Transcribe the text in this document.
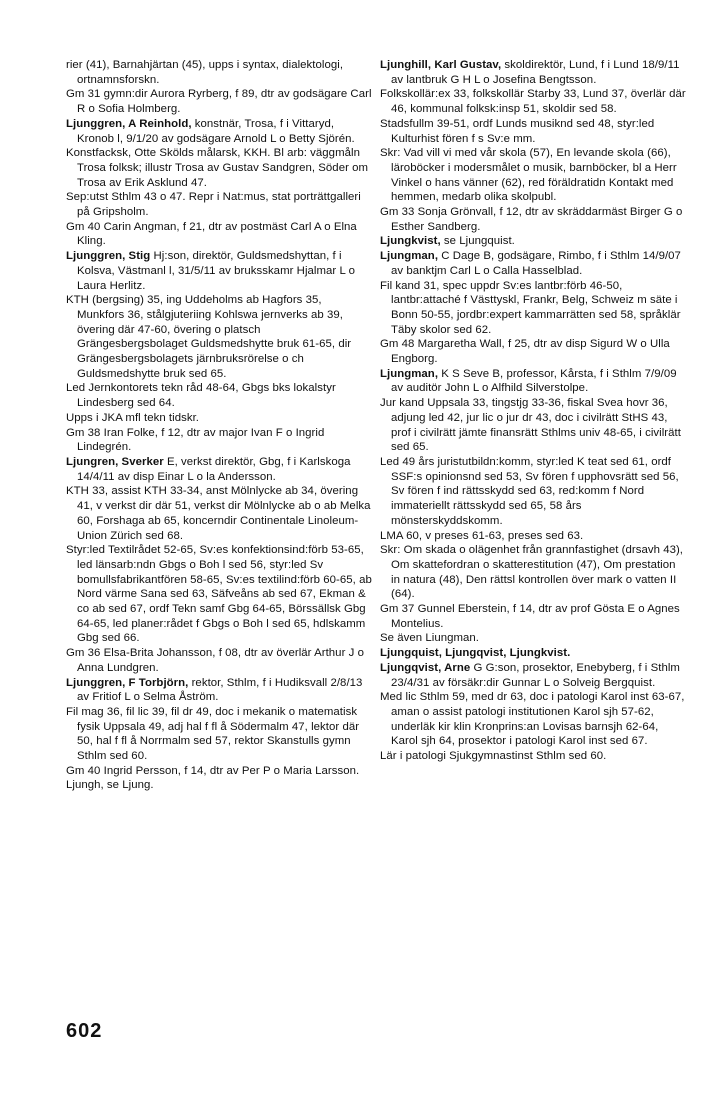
rier (41), Barnahjärtan (45), upps i syntax, dialektologi, ortnamnsforskn.

Gm 31 gymn:dir Aurora Ryrberg, f 89, dtr av godsägare Carl R o Sofia Holmberg.

Ljunggren, A Reinhold, konstnär, Trosa, f i Vittaryd, Kronob l, 9/1/20 av godsägare Arnold L o Betty Sjörén.

Konstfacksk, Otte Skölds målarsk, KKH. Bl arb: väggmåln Trosa folksk; illustr Trosa av Gustav Sandgren, Söder om Trosa av Erik Asklund 47.

Sep:utst Sthlm 43 o 47. Repr i Nat:mus, stat porträttgalleri på Gripsholm.

Gm 40 Carin Angman, f 21, dtr av postmäst Carl A o Elna Kling.

Ljunggren, Stig Hj:son, direktör, Guldsmedshyttan, f i Kolsva, Västmanl l, 31/5/11 av bruksskamr Hjalmar L o Laura Herlitz.

KTH (bergsing) 35, ing Uddeholms ab Hagfors 35, Munkfors 36, stålgjuteriing Kohlswa jernverks ab 39, övering där 47-60, övering o platsch Grängesbergsbolaget Guldsmedshytte bruk 61-65, dir Grängesbergsbolagets järnbruksrörelse o ch Guldsmedshytte bruk sed 65.

Led Jernkontorets tekn råd 48-64, Gbgs bks lokalstyr Lindesberg sed 64.

Upps i JKA mfl tekn tidskr.

Gm 38 Iran Folke, f 12, dtr av major Ivan F o Ingrid Lindegrén.

Ljungren, Sverker E, verkst direktör, Gbg, f i Karlskoga 14/4/11 av disp Einar L o la Andersson.

KTH 33, assist KTH 33-34, anst Mölnlycke ab 34, övering 41, v verkst dir där 51, verkst dir Mölnlycke ab o ab Melka 60, Forshaga ab 65, koncerndir Continentale Linoleum-Union Zürich sed 68.

Styr:led Textilrådet 52-65, Sv:es konfektionsind:förb 53-65, led länsarb:ndn Gbgs o Boh l sed 56, styr:led Sv bomullsfabrikantfören 58-65, Sv:es textilind:förb 60-65, ab Nord värme Sana sed 63, Säfveåns ab sed 67, Ekman & co ab sed 67, ordf Tekn samf Gbg 64-65, Börssällsk Gbg 64-65, led planer:rådet f Gbgs o Boh l sed 65, hdlskamm Gbg sed 66.

Gm 36 Elsa-Brita Johansson, f 08, dtr av överlär Arthur J o Anna Lundgren.

Ljunggren, F Torbjörn, rektor, Sthlm, f i Hudiksvall 2/8/13 av Fritiof L o Selma Åström.

Fil mag 36, fil lic 39, fil dr 49, doc i mekanik o matematisk fysik Uppsala 49, adj hal f fl å Södermalm 47, lektor där 50, hal f fl å Norrmalm sed 57, rektor Skanstulls gymn Sthlm sed 60.

Gm 40 Ingrid Persson, f 14, dtr av Per P o Maria Larsson.

Ljungh, se Ljung.

Ljunghill, Karl Gustav, skoldirektör, Lund, f i Lund 18/9/11 av lantbruk G H L o Josefina Bengtsson.

Folkskollär:ex 33, folkskollär Starby 33, Lund 37, överlär där 46, kommunal folksk:insp 51, skoldir sed 58.

Stadsfullm 39-51, ordf Lunds musiknd sed 48, styr:led Kulturhist fören f s Sv:e mm.

Skr: Vad vill vi med vår skola (57), En levande skola (66), läroböcker i modersmålet o musik, barnböcker, bl a Herr Vinkel o hans vänner (62), red föräldratidn Kontakt med hemmen, medarb olika skolpubl.

Gm 33 Sonja Grönvall, f 12, dtr av skräddarmäst Birger G o Esther Sandberg.

Ljungkvist, se Ljungquist.

Ljungman, C Dage B, godsägare, Rimbo, f i Sthlm 14/9/07 av banktjm Carl L o Calla Hasselblad.

Fil kand 31, spec uppdr Sv:es lantbr:förb 46-50, lantbr:attaché f Västtyskl, Frankr, Belg, Schweiz m säte i Bonn 50-55, jordbr:expert kammarrätten sed 58, språklär Täby skolor sed 62.

Gm 48 Margaretha Wall, f 25, dtr av disp Sigurd W o Ulla Engborg.

Ljungman, K S Seve B, professor, Kårsta, f i Sthlm 7/9/09 av auditör John L o Alfhild Silverstolpe.

Jur kand Uppsala 33, tingstjg 33-36, fiskal Svea hovr 36, adjung led 42, jur lic o jur dr 43, doc i civilrätt StHS 43, prof i civilrätt jämte finansrätt Sthlms univ 48-65, i civilrätt sed 65.

Led 49 års juristutbildn:komm, styr:led K teat sed 61, ordf SSF:s opinionsnd sed 53, Sv fören f upphovsrätt sed 56, Sv fören f ind rättsskydd sed 63, red:komm f Nord immateriellt rättsskydd sed 65, 58 års mönsterskyddskomm.

LMA 60, v preses 61-63, preses sed 63.

Skr: Om skada o olägenhet från grannfastighet (drsavh 43), Om skattefordran o skatterestitution (47), Om prestation in natura (48), Den rättsl kontrollen över mark o vatten II (64).

Gm 37 Gunnel Eberstein, f 14, dtr av prof Gösta E o Agnes Montelius.

Se även Liungman.

Ljungquist, Ljungqvist, Ljungkvist.

Ljungqvist, Arne G G:son, prosektor, Enebyberg, f i Sthlm 23/4/31 av försäkr:dir Gunnar L o Solveig Bergquist.

Med lic Sthlm 59, med dr 63, doc i patologi Karol inst 63-67, aman o assist patologi institutionen Karol sjh 57-62, underläk kir klin Kronprins:an Lovisas barnsjh 62-64, Karol sjh 64, prosektor i patologi Karol inst sed 67.

Lär i patologi Sjukgymnastinst Sthlm sed 60.

602
